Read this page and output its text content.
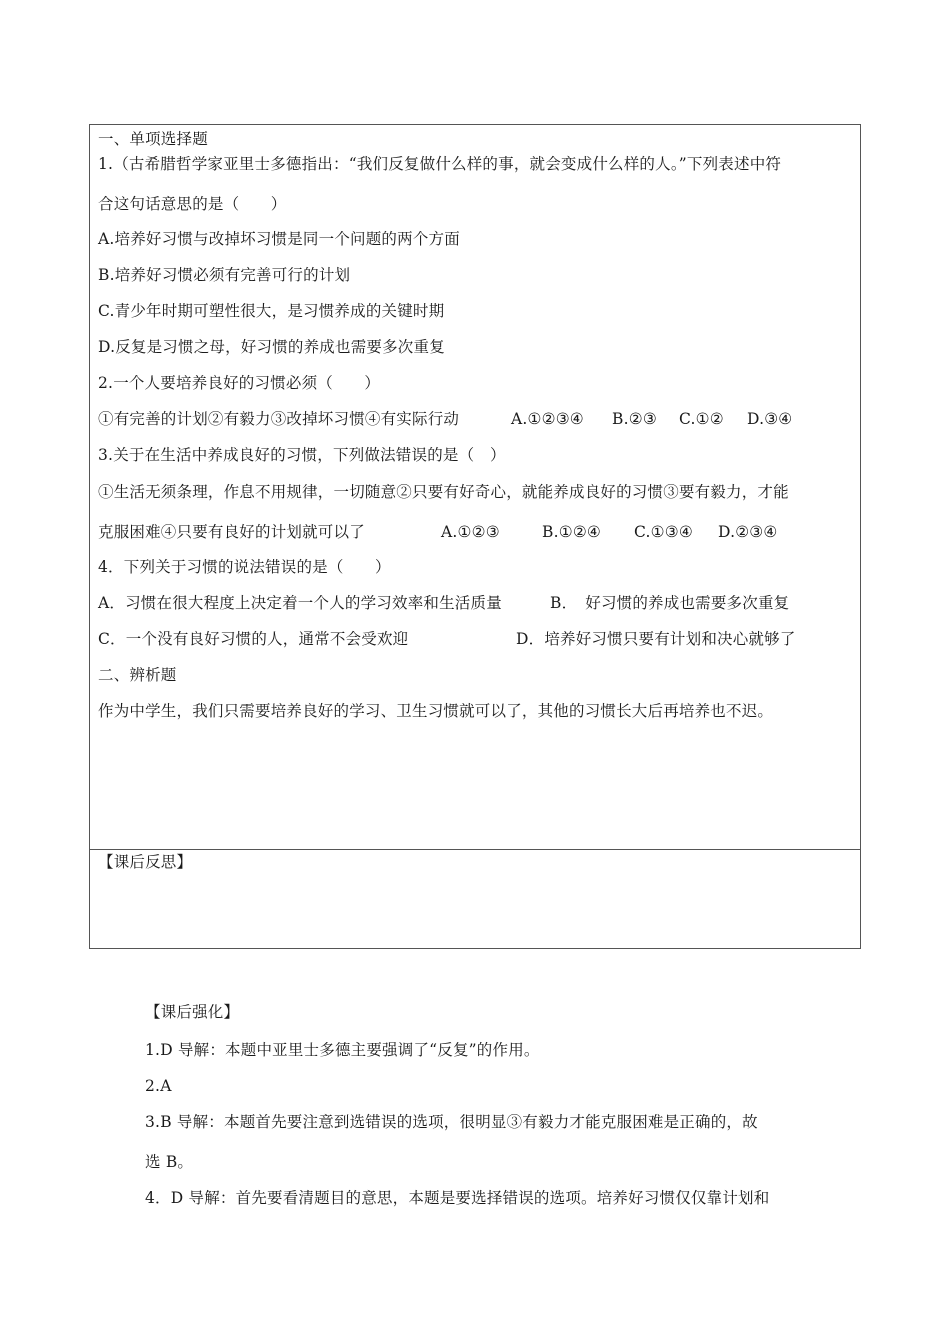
一、单项选择题
1.（古希腊哲学家亚里士多德指出：“我们反复做什么样的事，就会变成什么样的人。”下列表述中符
合这句话意思的是（　　）
A.培养好习惯与改掉坏习惯是同一个问题的两个方面
B.培养好习惯必须有完善可行的计划
C.青少年时期可塑性很大，是习惯养成的关键时期
D.反复是习惯之母，好习惯的养成也需要多次重复
2.一个人要培养良好的习惯必须（　　）
①有完善的计划②有毅力③改掉坏习惯④有实际行动	A.①②③④ B.②③ C.①② D.③④
3.关于在生活中养成良好的习惯，下列做法错误的是（　）
①生活无须条理，作息不用规律，一切随意②只要有好奇心，就能养成良好的习惯③要有毅力，才能
克服困难④只要有良好的计划就可以了	A.①②③	B.①②④ C.①③④ D.②③④
4．下列关于习惯的说法错误的是（　　）
A．习惯在很大程度上决定着一个人的学习效率和生活质量	B．　好习惯的养成也需要多次重复
C．一个没有良好习惯的人，通常不会受欢迎	D．培养好习惯只要有计划和决心就够了
二、辨析题
作为中学生，我们只需要培养良好的学习、卫生习惯就可以了，其他的习惯长大后再培养也不迟。
【课后反思】
【课后强化】
1.D 导解：本题中亚里士多德主要强调了“反复”的作用。
2.A
3.B 导解：本题首先要注意到选错误的选项，很明显③有毅力才能克服困难是正确的，故
选 B。
4．D 导解：首先要看清题目的意思，本题是要选择错误的选项。培养好习惯仅仅靠计划和
